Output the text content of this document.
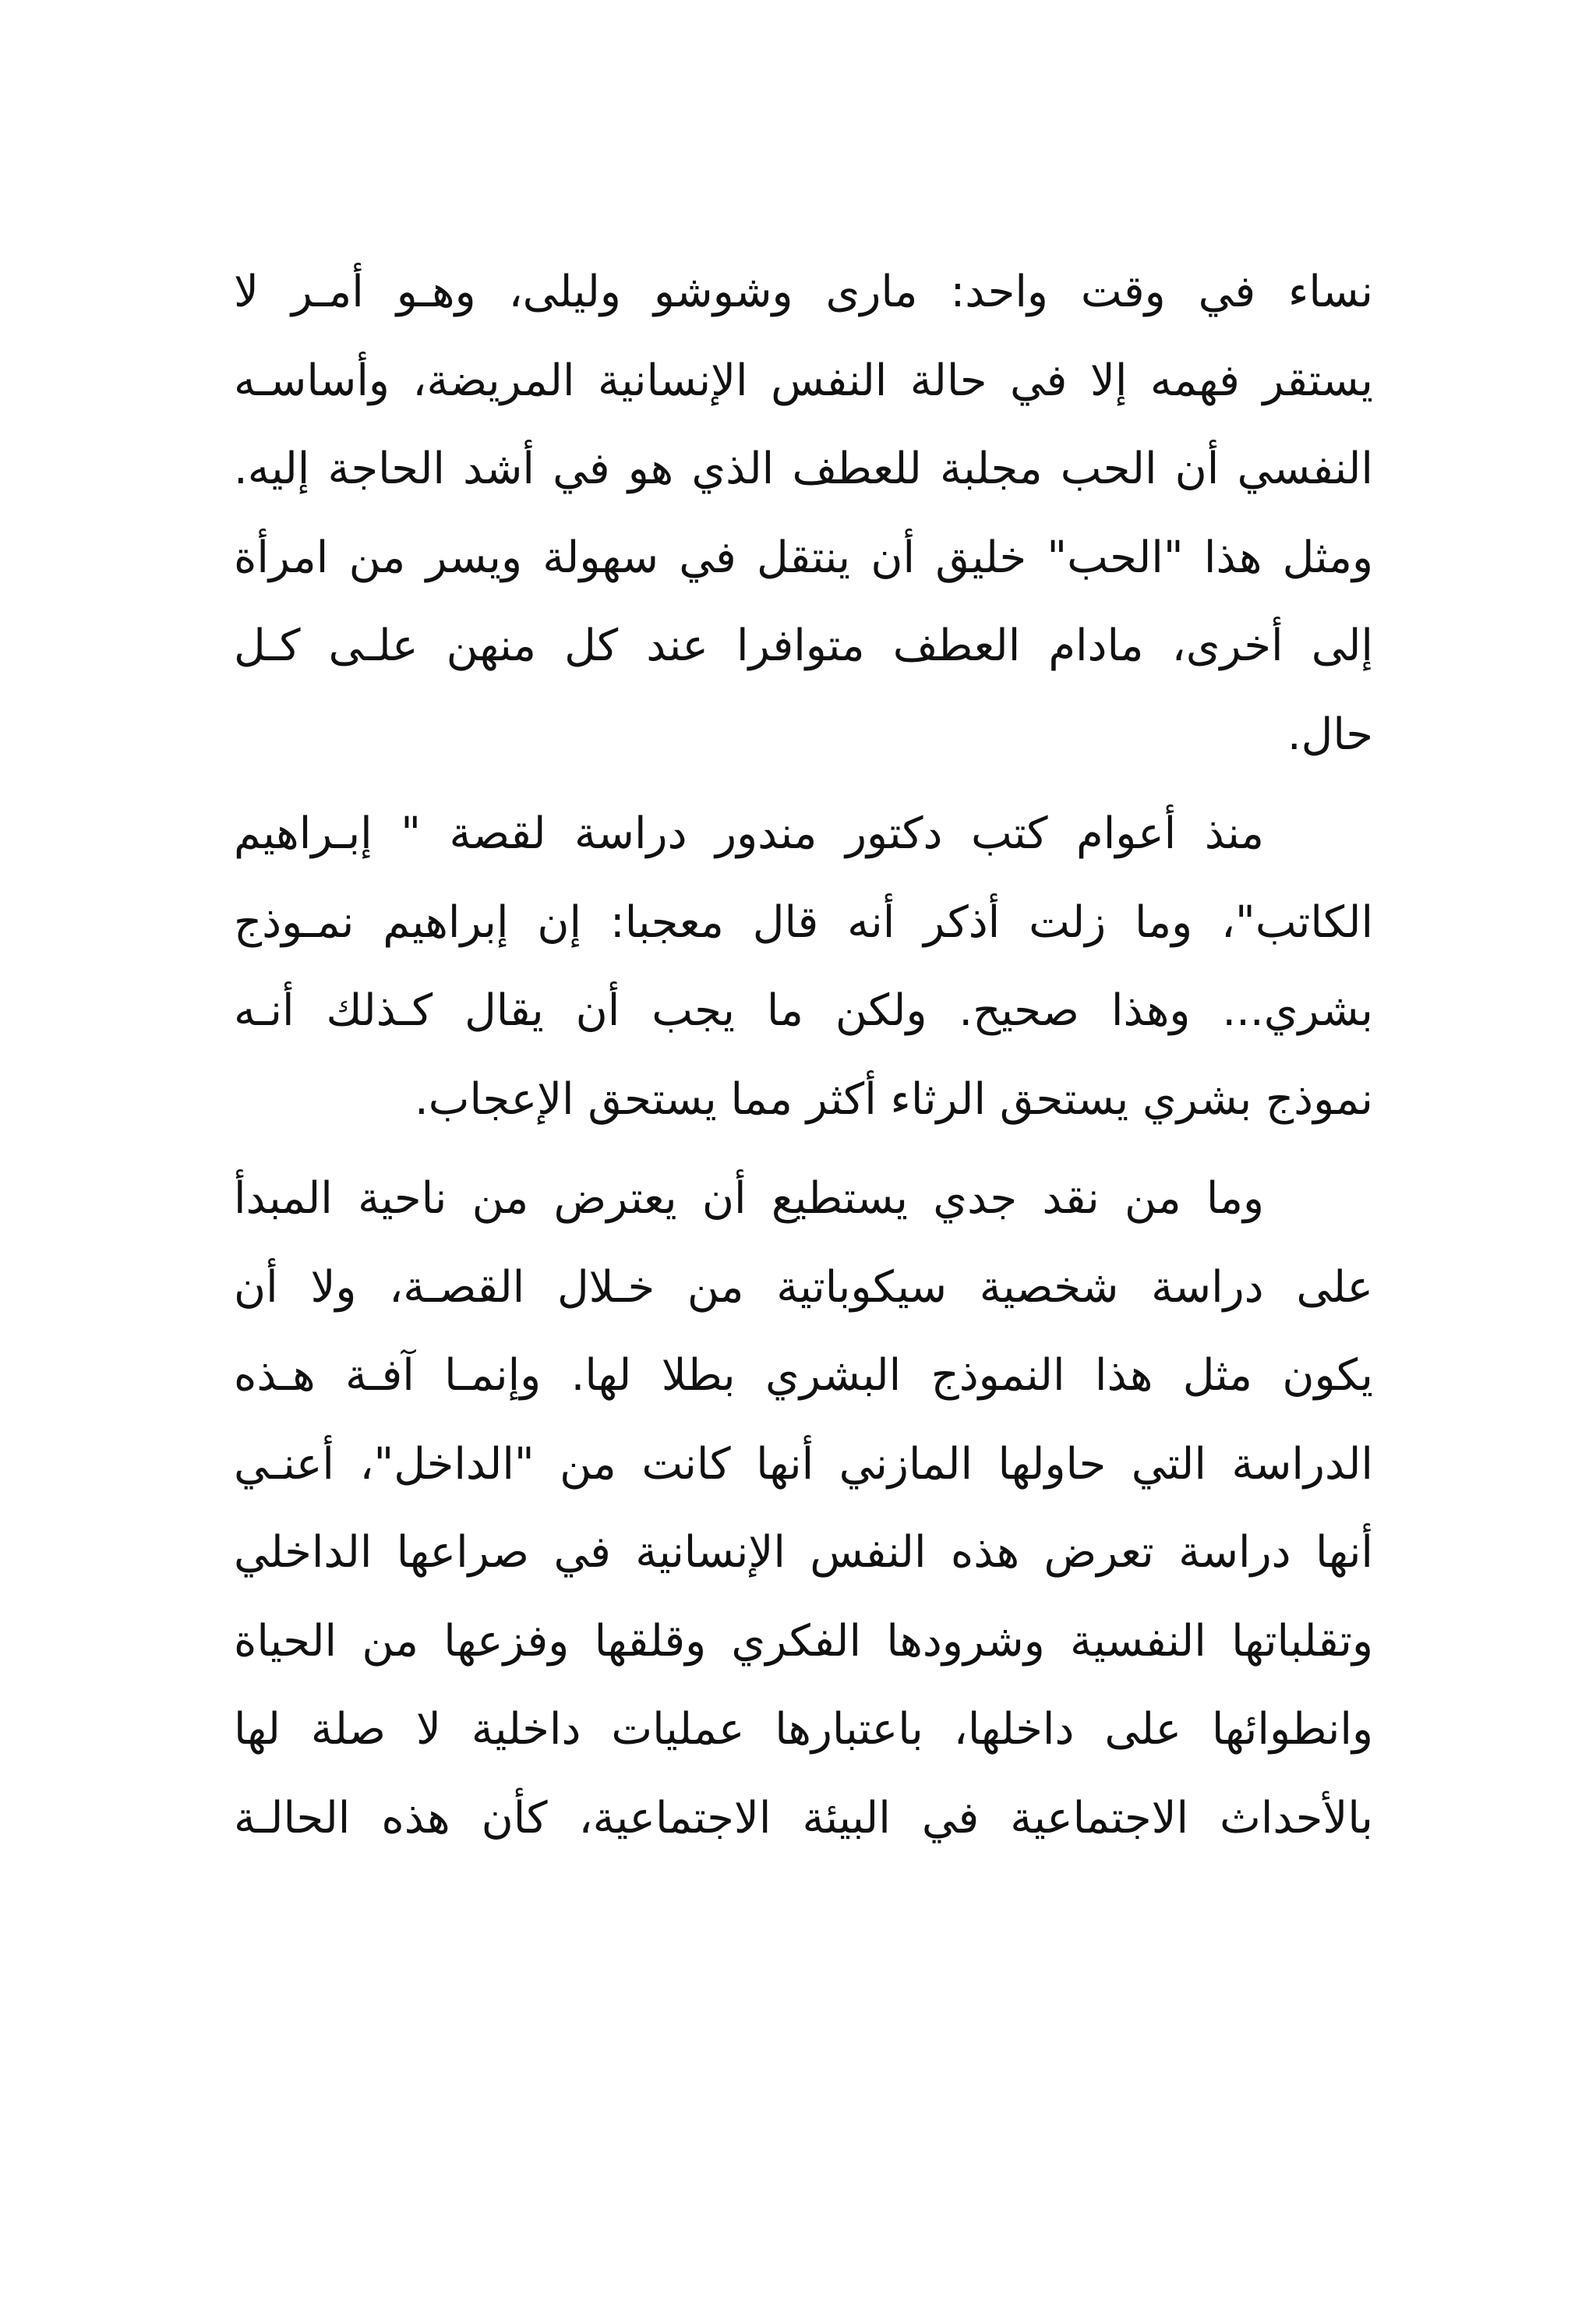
نساء في وقت واحد: مارى وشوشو وليلى، وهـو أمـر لا
يستقر فهمه إلا في حالة النفس الإنسانية المريضة، وأساسـه
النفسي أن الحب مجلبة للعطف الذي هو في أشد الحاجة إليه.
ومثل هذا "الحب" خليق أن ينتقل في سهولة ويسر من امرأة
إلى أخرى، مادام العطف متوافرا عند كل منهن علـى كـل
حال.
منذ أعوام كتب دكتور مندور دراسة لقصة " إبـراهيم
الكاتب"، وما زلت أذكر أنه قال معجبا: إن إبراهيم نمـوذج
بشري... وهذا صحيح. ولكن ما يجب أن يقال كـذلك أنـه
نموذج بشري يستحق الرثاء أكثر مما يستحق الإعجاب.
وما من نقد جدي يستطيع أن يعترض من ناحية المبدأ
على دراسة شخصية سيكوباتية من خـلال القصـة، ولا أن
يكون مثل هذا النموذج البشري بطلا لها. وإنمـا آفـة هـذه
الدراسة التي حاولها المازني أنها كانت من "الداخل"، أعنـي
أنها دراسة تعرض هذه النفس الإنسانية في صراعها الداخلي
وتقلباتها النفسية وشرودها الفكري وقلقها وفزعها من الحياة
وانطوائها على داخلها، باعتبارها عمليات داخلية لا صلة لها
بالأحداث الاجتماعية في البيئة الاجتماعية، كأن هذه الحالـة
